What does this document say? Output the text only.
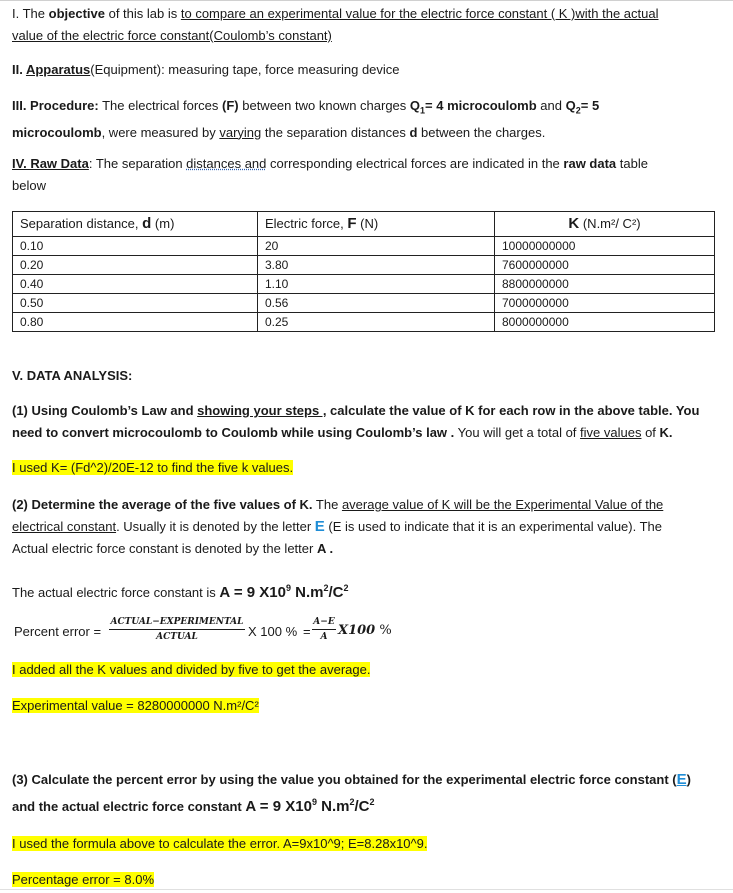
I. The objective of this lab is to compare an experimental value for the electric force constant ( K )with the actual
value of the electric force constant(Coulomb’s constant)
II. Apparatus(Equipment): measuring tape, force measuring device
III. Procedure: The electrical forces (F) between two known charges $Q_1= 4$ microcoulomb and $Q_2= 5$
microcoulomb, were measured by varying the separation distances d between the charges.
IV. Raw Data: The separation distances and corresponding electrical forces are indicated in the raw data table
below
Separation distance, d (m)	Electric force, F (N)	K (N.m²/ C²)
0.10	20	10000000000
0.20	3.80	7600000000
0.40	1.10	8800000000
0.50	0.56	7000000000
0.80	0.25	8000000000
V. DATA ANALYSIS:
(1) Using Coulomb’s Law and showing your steps , calculate the value of K for each row in the above table. You
need to convert microcoulomb to Coulomb while using Coulomb’s law . You will get a total of five values of K.
I used K= (Fd^2)/20E-12 to find the five k values.
(2) Determine the average of the five values of K. The average value of K will be the Experimental Value of the
electrical constant. Usually it is denoted by the letter E (E is used to indicate that it is an experimental value). The
Actual electric force constant is denoted by the letter A .
The actual electric force constant is A = 9 $X10^9$ $N.m^2/C^2$
Percent error =
ACTUAL−EXPERIMENTAL
ACTUAL	X 100 % = $\frac{A-E}{A} X100$ %
I added all the K values and divided by five to get the average.
Experimental value = 8280000000 N.m²/C²
(3) Calculate the percent error by using the value you obtained for the experimental electric force constant (E)
and the actual electric force constant A = 9 $X10^9$ $N.m^2/C^2$
I used the formula above to calculate the error. A=9x10^9; E=8.28x10^9.
Percentage error = 8.0%
